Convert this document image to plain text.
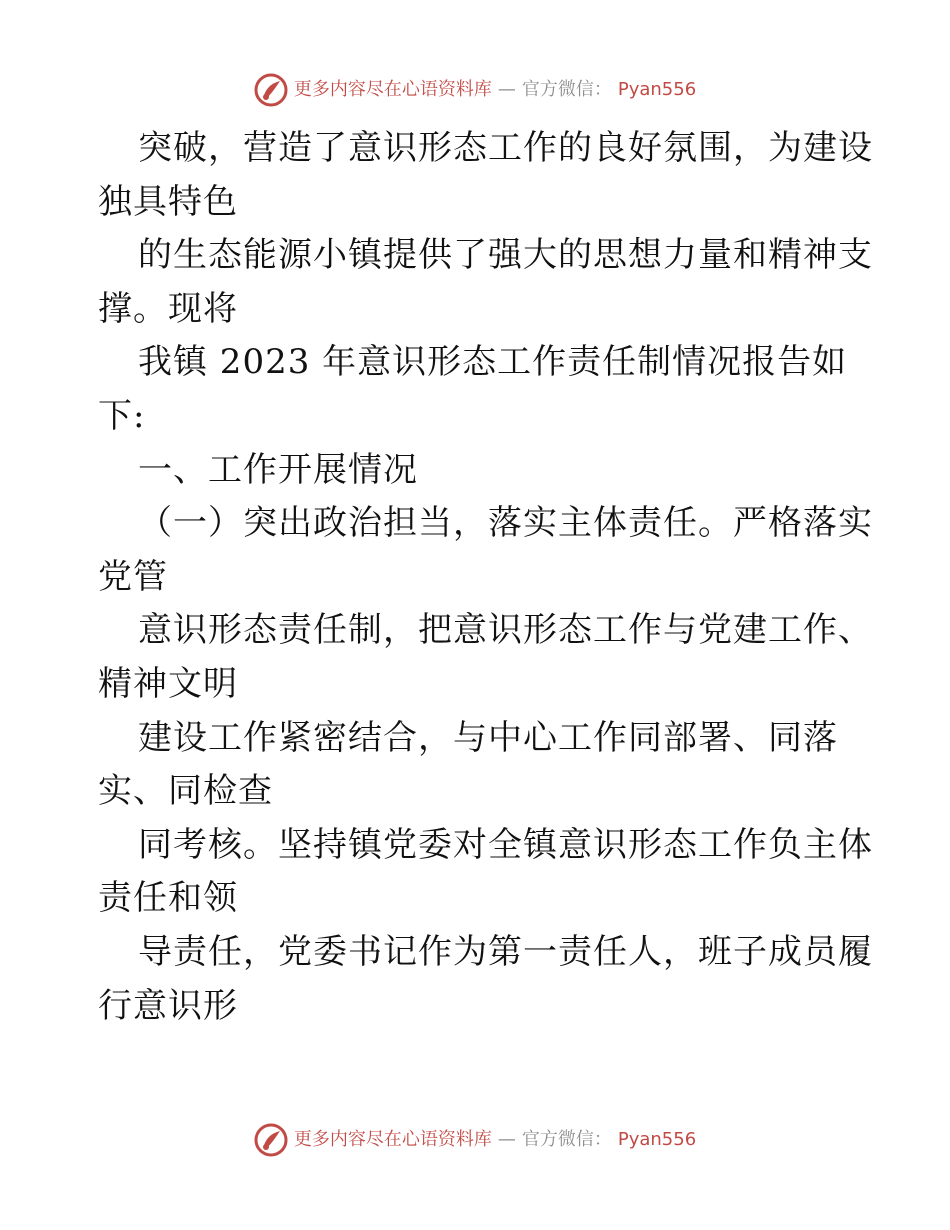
更多内容尽在心语资料库 — 官方微信： Pyan556

突破，营造了意识形态工作的良好氛围，为建设

独具特色

的生态能源小镇提供了强大的思想力量和精神支

撑。现将

我镇 2023 年意识形态工作责任制情况报告如

下:

一、工作开展情况

（一）突出政治担当，落实主体责任。严格落实

党管

意识形态责任制，把意识形态工作与党建工作、

精神文明

建设工作紧密结合，与中心工作同部署、同落

实、同检查

同考核。坚持镇党委对全镇意识形态工作负主体

责任和领

导责任，党委书记作为第一责任人，班子成员履

行意识形

更多内容尽在心语资料库 — 官方微信： Pyan556
